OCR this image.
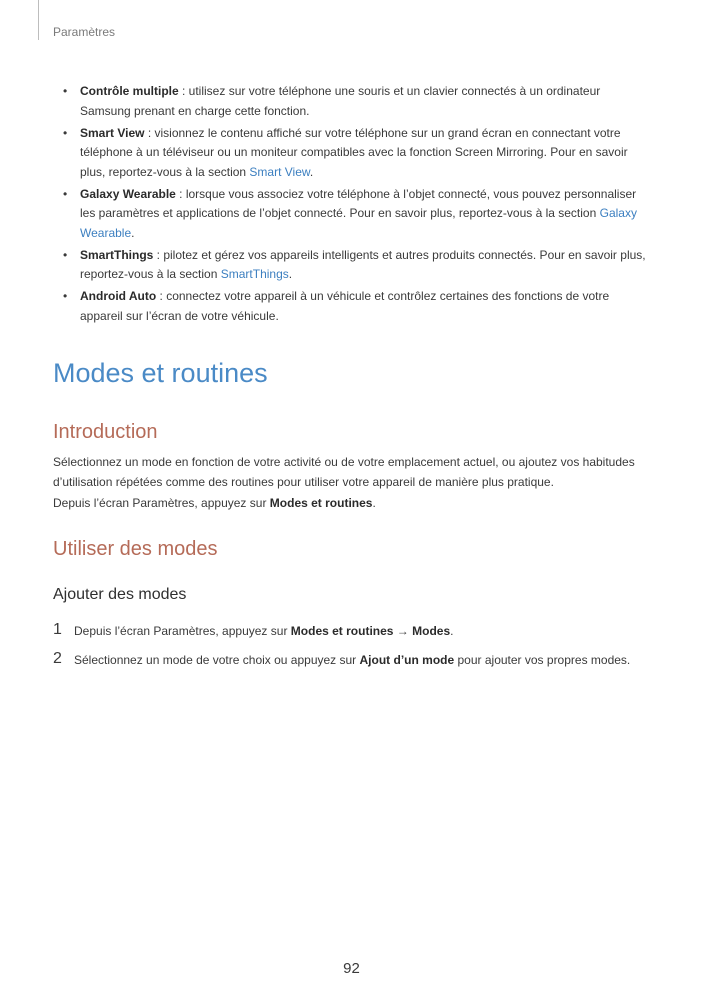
Paramètres
• Contrôle multiple : utilisez sur votre téléphone une souris et un clavier connectés à un ordinateur Samsung prenant en charge cette fonction.
• Smart View : visionnez le contenu affiché sur votre téléphone sur un grand écran en connectant votre téléphone à un téléviseur ou un moniteur compatibles avec la fonction Screen Mirroring. Pour en savoir plus, reportez-vous à la section Smart View.
• Galaxy Wearable : lorsque vous associez votre téléphone à l’objet connecté, vous pouvez personnaliser les paramètres et applications de l’objet connecté. Pour en savoir plus, reportez-vous à la section Galaxy Wearable.
• SmartThings : pilotez et gérez vos appareils intelligents et autres produits connectés. Pour en savoir plus, reportez-vous à la section SmartThings.
• Android Auto : connectez votre appareil à un véhicule et contrôlez certaines des fonctions de votre appareil sur l’écran de votre véhicule.
Modes et routines
Introduction

Sélectionnez un mode en fonction de votre activité ou de votre emplacement actuel, ou ajoutez vos habitudes d’utilisation répétées comme des routines pour utiliser votre appareil de manière plus pratique.

Depuis l’écran Paramètres, appuyez sur Modes et routines.

Utiliser des modes
Ajouter des modes
1 Depuis l’écran Paramètres, appuyez sur Modes et routines → Modes.
2 Sélectionnez un mode de votre choix ou appuyez sur Ajout d’un mode pour ajouter vos propres modes.
92
